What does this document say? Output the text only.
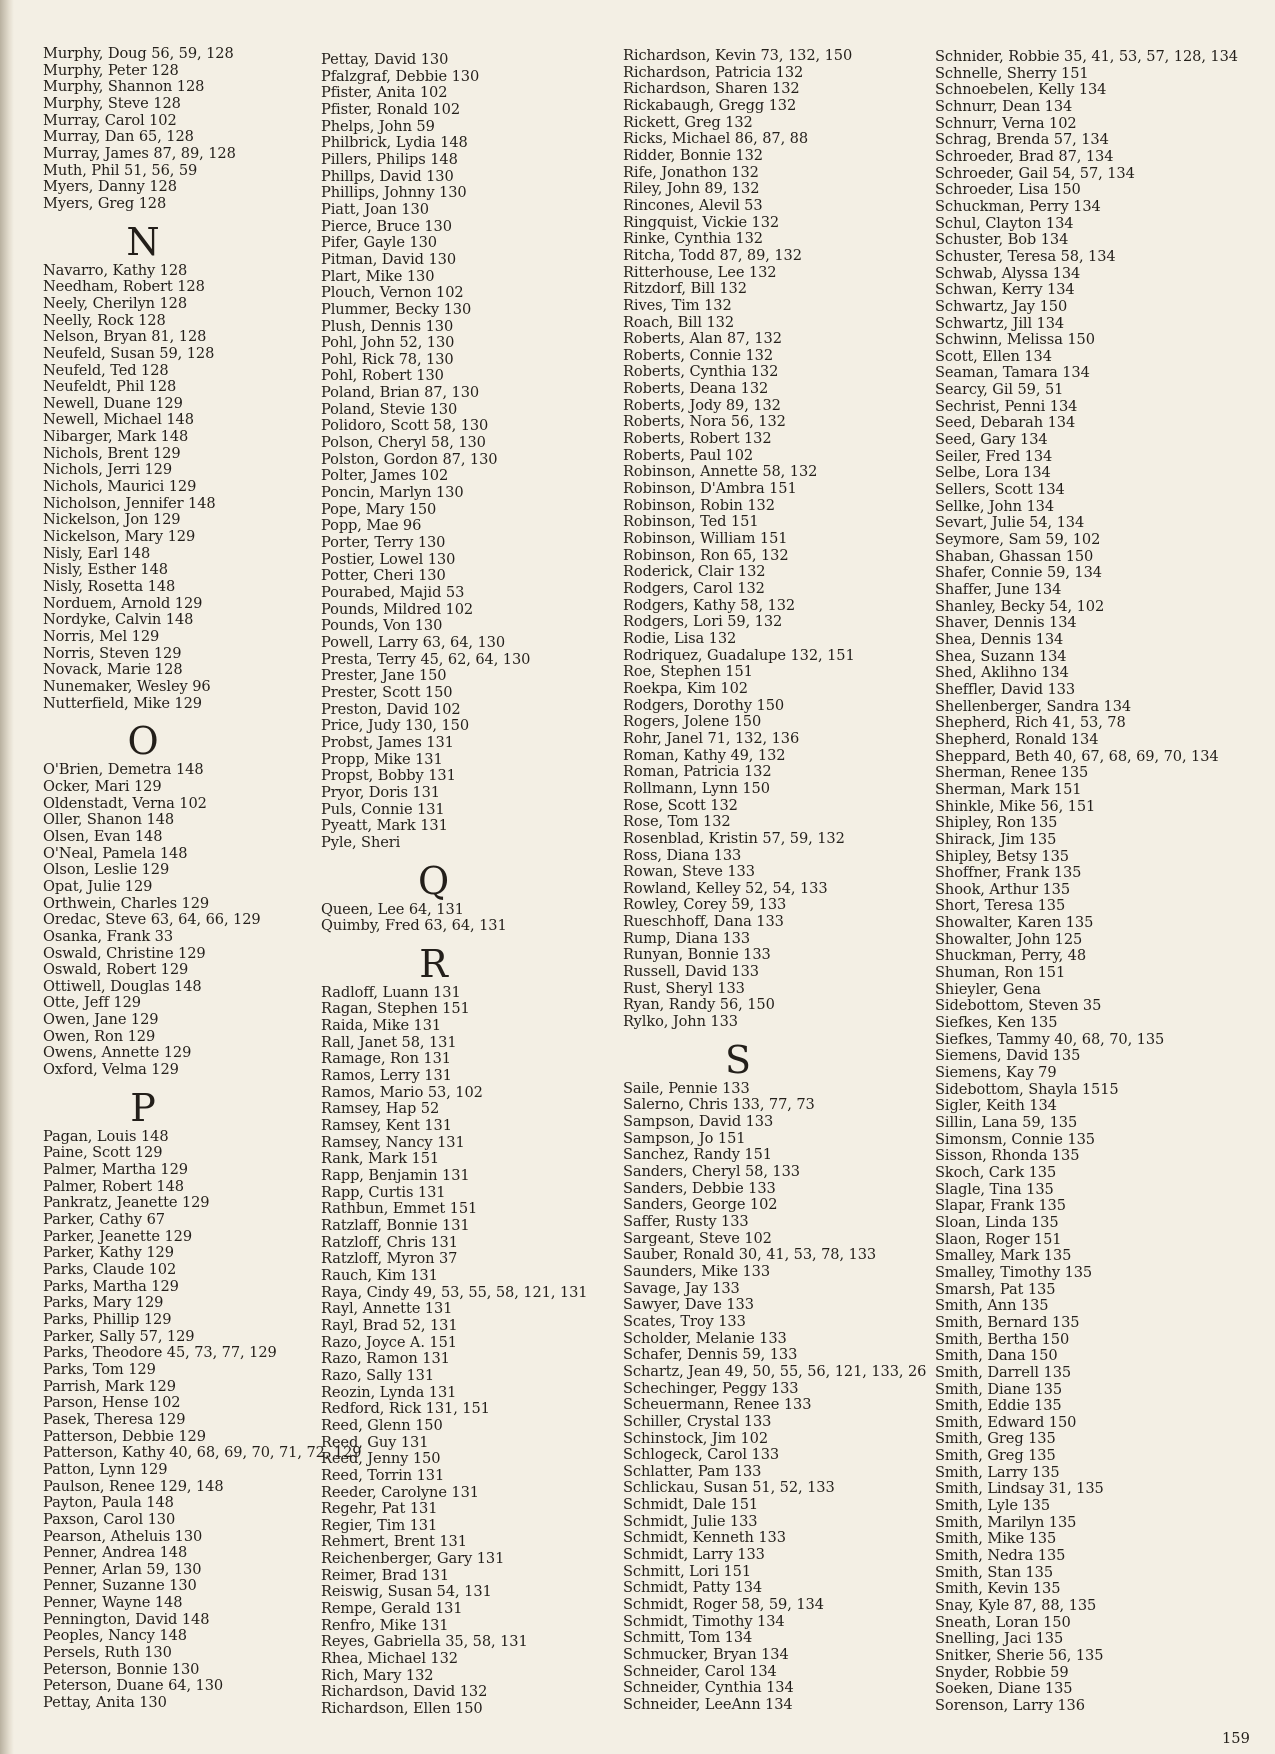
Murphy, Doug 56, 59, 128
Murphy, Peter 128
Murphy, Shannon 128
Murphy, Steve 128
Murray, Carol 102
Murray, Dan 65, 128
Murray, James 87, 89, 128
Muth, Phil 51, 56, 59
Myers, Danny 128
Myers, Greg 128
N
Navarro, Kathy 128
Needham, Robert 128
Neely, Cherilyn 128
Neelly, Rock 128
Nelson, Bryan 81, 128
Neufeld, Susan 59, 128
Neufeld, Ted 128
Neufeldt, Phil 128
Newell, Duane 129
Newell, Michael 148
Nibarger, Mark 148
Nichols, Brent 129
Nichols, Jerri 129
Nichols, Maurici 129
Nicholson, Jennifer 148
Nickelson, Jon 129
Nickelson, Mary 129
Nisly, Earl 148
Nisly, Esther 148
Nisly, Rosetta 148
Norduem, Arnold 129
Nordyke, Calvin 148
Norris, Mel 129
Norris, Steven 129
Novack, Marie 128
Nunemaker, Wesley 96
Nutterfield, Mike 129
O
O'Brien, Demetra 148
Ocker, Mari 129
Oldenstadt, Verna 102
Oller, Shanon 148
Olsen, Evan 148
O'Neal, Pamela 148
Olson, Leslie 129
Opat, Julie 129
Orthwein, Charles 129
Oredac, Steve 63, 64, 66, 129
Osanka, Frank 33
Oswald, Christine 129
Oswald, Robert 129
Ottiwell, Douglas 148
Otte, Jeff 129
Owen, Jane 129
Owen, Ron 129
Owens, Annette 129
Oxford, Velma 129
P
Pagan, Louis 148
Paine, Scott 129
Palmer, Martha 129
Palmer, Robert 148
Pankratz, Jeanette 129
Parker, Cathy 67
Parker, Jeanette 129
Parker, Kathy 129
Parks, Claude 102
Parks, Martha 129
Parks, Mary 129
Parks, Phillip 129
Parker, Sally 57, 129
Parks, Theodore 45, 73, 77, 129
Parks, Tom 129
Parrish, Mark 129
Parson, Hense 102
Pasek, Theresa 129
Patterson, Debbie 129
Patterson, Kathy 40, 68, 69, 70, 71, 72, 129
Patton, Lynn 129
Paulson, Renee 129, 148
Payton, Paula 148
Paxson, Carol 130
Pearson, Atheluis 130
Penner, Andrea 148
Penner, Arlan 59, 130
Penner, Suzanne 130
Penner, Wayne 148
Pennington, David 148
Peoples, Nancy 148
Persels, Ruth 130
Peterson, Bonnie 130
Peterson, Duane 64, 130
Pettay, Anita 130
Pettay, David 130
Pfalzgraf, Debbie 130
Pfister, Anita 102
Pfister, Ronald 102
Phelps, John 59
Philbrick, Lydia 148
Pillers, Philips 148
Phillps, David 130
Phillips, Johnny 130
Piatt, Joan 130
Pierce, Bruce 130
Pifer, Gayle 130
Pitman, David 130
Plart, Mike 130
Plouch, Vernon 102
Plummer, Becky 130
Plush, Dennis 130
Pohl, John 52, 130
Pohl, Rick 78, 130
Pohl, Robert 130
Poland, Brian 87, 130
Poland, Stevie 130
Polidoro, Scott 58, 130
Polson, Cheryl 58, 130
Polston, Gordon 87, 130
Polter, James 102
Poncin, Marlyn 130
Pope, Mary 150
Popp, Mae 96
Porter, Terry 130
Postier, Lowel 130
Potter, Cheri 130
Pourabed, Majid 53
Pounds, Mildred 102
Pounds, Von 130
Powell, Larry 63, 64, 130
Presta, Terry 45, 62, 64, 130
Prester, Jane 150
Prester, Scott 150
Preston, David 102
Price, Judy 130, 150
Probst, James 131
Propp, Mike 131
Propst, Bobby 131
Pryor, Doris 131
Puls, Connie 131
Pyeatt, Mark 131
Pyle, Sheri
Q
Queen, Lee 64, 131
Quimby, Fred 63, 64, 131
R
Radloff, Luann 131
Ragan, Stephen 151
Raida, Mike 131
Rall, Janet 58, 131
Ramage, Ron 131
Ramos, Lerry 131
Ramos, Mario 53, 102
Ramsey, Hap 52
Ramsey, Kent 131
Ramsey, Nancy 131
Rank, Mark 151
Rapp, Benjamin 131
Rapp, Curtis 131
Rathbun, Emmet 151
Ratzlaff, Bonnie 131
Ratzloff, Chris 131
Ratzloff, Myron 37
Rauch, Kim 131
Raya, Cindy 49, 53, 55, 58, 121, 131
Rayl, Annette 131
Rayl, Brad 52, 131
Razo, Joyce A. 151
Razo, Ramon 131
Razo, Sally 131
Reozin, Lynda 131
Redford, Rick 131, 151
Reed, Glenn 150
Reed, Guy 131
Reed, Jenny 150
Reed, Torrin 131
Reeder, Carolyne 131
Regehr, Pat 131
Regier, Tim 131
Rehmert, Brent 131
Reichenberger, Gary 131
Reimer, Brad 131
Reiswig, Susan 54, 131
Rempe, Gerald 131
Renfro, Mike 131
Reyes, Gabriella 35, 58, 131
Rhea, Michael 132
Rich, Mary 132
Richardson, David 132
Richardson, Ellen 150
Richardson, Kevin 73, 132, 150
Richardson, Patricia 132
Richardson, Sharen 132
Rickabaugh, Gregg 132
Rickett, Greg 132
Ricks, Michael 86, 87, 88
Ridder, Bonnie 132
Rife, Jonathon 132
Riley, John 89, 132
Rincones, Alevil 53
Ringquist, Vickie 132
Rinke, Cynthia 132
Ritcha, Todd 87, 89, 132
Ritterhouse, Lee 132
Ritzdorf, Bill 132
Rives, Tim 132
Roach, Bill 132
Roberts, Alan 87, 132
Roberts, Connie 132
Roberts, Cynthia 132
Roberts, Deana 132
Roberts, Jody 89, 132
Roberts, Nora 56, 132
Roberts, Robert 132
Roberts, Paul 102
Robinson, Annette 58, 132
Robinson, D'Ambra 151
Robinson, Robin 132
Robinson, Ted 151
Robinson, William 151
Robinson, Ron 65, 132
Roderick, Clair 132
Rodgers, Carol 132
Rodgers, Kathy 58, 132
Rodgers, Lori 59, 132
Rodie, Lisa 132
Rodriquez, Guadalupe 132, 151
Roe, Stephen 151
Roekpa, Kim 102
Rodgers, Dorothy 150
Rogers, Jolene 150
Rohr, Janel 71, 132, 136
Roman, Kathy 49, 132
Roman, Patricia 132
Rollmann, Lynn 150
Rose, Scott 132
Rose, Tom 132
Rosenblad, Kristin 57, 59, 132
Ross, Diana 133
Rowan, Steve 133
Rowland, Kelley 52, 54, 133
Rowley, Corey 59, 133
Rueschhoff, Dana 133
Rump, Diana 133
Runyan, Bonnie 133
Russell, David 133
Rust, Sheryl 133
Ryan, Randy 56, 150
Rylko, John 133
S
Saile, Pennie 133
Salerno, Chris 133, 77, 73
Sampson, David 133
Sampson, Jo 151
Sanchez, Randy 151
Sanders, Cheryl 58, 133
Sanders, Debbie 133
Sanders, George 102
Saffer, Rusty 133
Sargeant, Steve 102
Sauber, Ronald 30, 41, 53, 78, 133
Saunders, Mike 133
Savage, Jay 133
Sawyer, Dave 133
Scates, Troy 133
Scholder, Melanie 133
Schafer, Dennis 59, 133
Schartz, Jean 49, 50, 55, 56, 121, 133, 26
Schechinger, Peggy 133
Scheuermann, Renee 133
Schiller, Crystal 133
Schinstock, Jim 102
Schlogeck, Carol 133
Schlatter, Pam 133
Schlickau, Susan 51, 52, 133
Schmidt, Dale 151
Schmidt, Julie 133
Schmidt, Kenneth 133
Schmidt, Larry 133
Schmitt, Lori 151
Schmidt, Patty 134
Schmidt, Roger 58, 59, 134
Schmidt, Timothy 134
Schmitt, Tom 134
Schmucker, Bryan 134
Schneider, Carol 134
Schneider, Cynthia 134
Schneider, LeeAnn 134
Schnider, Robbie 35, 41, 53, 57, 128, 134
Schnelle, Sherry 151
Schnoebelen, Kelly 134
Schnurr, Dean 134
Schnurr, Verna 102
Schrag, Brenda 57, 134
Schroeder, Brad 87, 134
Schroeder, Gail 54, 57, 134
Schroeder, Lisa 150
Schuckman, Perry 134
Schul, Clayton 134
Schuster, Bob 134
Schuster, Teresa 58, 134
Schwab, Alyssa 134
Schwan, Kerry 134
Schwartz, Jay 150
Schwartz, Jill 134
Schwinn, Melissa 150
Scott, Ellen 134
Seaman, Tamara 134
Searcy, Gil 59, 51
Sechrist, Penni 134
Seed, Debarah 134
Seed, Gary 134
Seiler, Fred 134
Selbe, Lora 134
Sellers, Scott 134
Sellke, John 134
Sevart, Julie 54, 134
Seymore, Sam 59, 102
Shaban, Ghassan 150
Shafer, Connie 59, 134
Shaffer, June 134
Shanley, Becky 54, 102
Shaver, Dennis 134
Shea, Dennis 134
Shea, Suzann 134
Shed, Aklihno 134
Sheffler, David 133
Shellenberger, Sandra 134
Shepherd, Rich 41, 53, 78
Shepherd, Ronald 134
Sheppard, Beth 40, 67, 68, 69, 70, 134
Sherman, Renee 135
Sherman, Mark 151
Shinkle, Mike 56, 151
Shipley, Ron 135
Shirack, Jim 135
Shipley, Betsy 135
Shoffner, Frank 135
Shook, Arthur 135
Short, Teresa 135
Showalter, Karen 135
Showalter, John 125
Shuckman, Perry, 48
Shuman, Ron 151
Shieyler, Gena
Sidebottom, Steven 35
Siefkes, Ken 135
Siefkes, Tammy 40, 68, 70, 135
Siemens, David 135
Siemens, Kay 79
Sidebottom, Shayla 1515
Sigler, Keith 134
Sillin, Lana 59, 135
Simonsm, Connie 135
Sisson, Rhonda 135
Skoch, Cark 135
Slagle, Tina 135
Slapar, Frank 135
Sloan, Linda 135
Slaon, Roger 151
Smalley, Mark 135
Smalley, Timothy 135
Smarsh, Pat 135
Smith, Ann 135
Smith, Bernard 135
Smith, Bertha 150
Smith, Dana 150
Smith, Darrell 135
Smith, Diane 135
Smith, Eddie 135
Smith, Edward 150
Smith, Greg 135
Smith, Greg 135
Smith, Larry 135
Smith, Lindsay 31, 135
Smith, Lyle 135
Smith, Marilyn 135
Smith, Mike 135
Smith, Nedra 135
Smith, Stan 135
Smith, Kevin 135
Snay, Kyle 87, 88, 135
Sneath, Loran 150
Snelling, Jaci 135
Snitker, Sherie 56, 135
Snyder, Robbie 59
Soeken, Diane 135
Sorenson, Larry 136
159
